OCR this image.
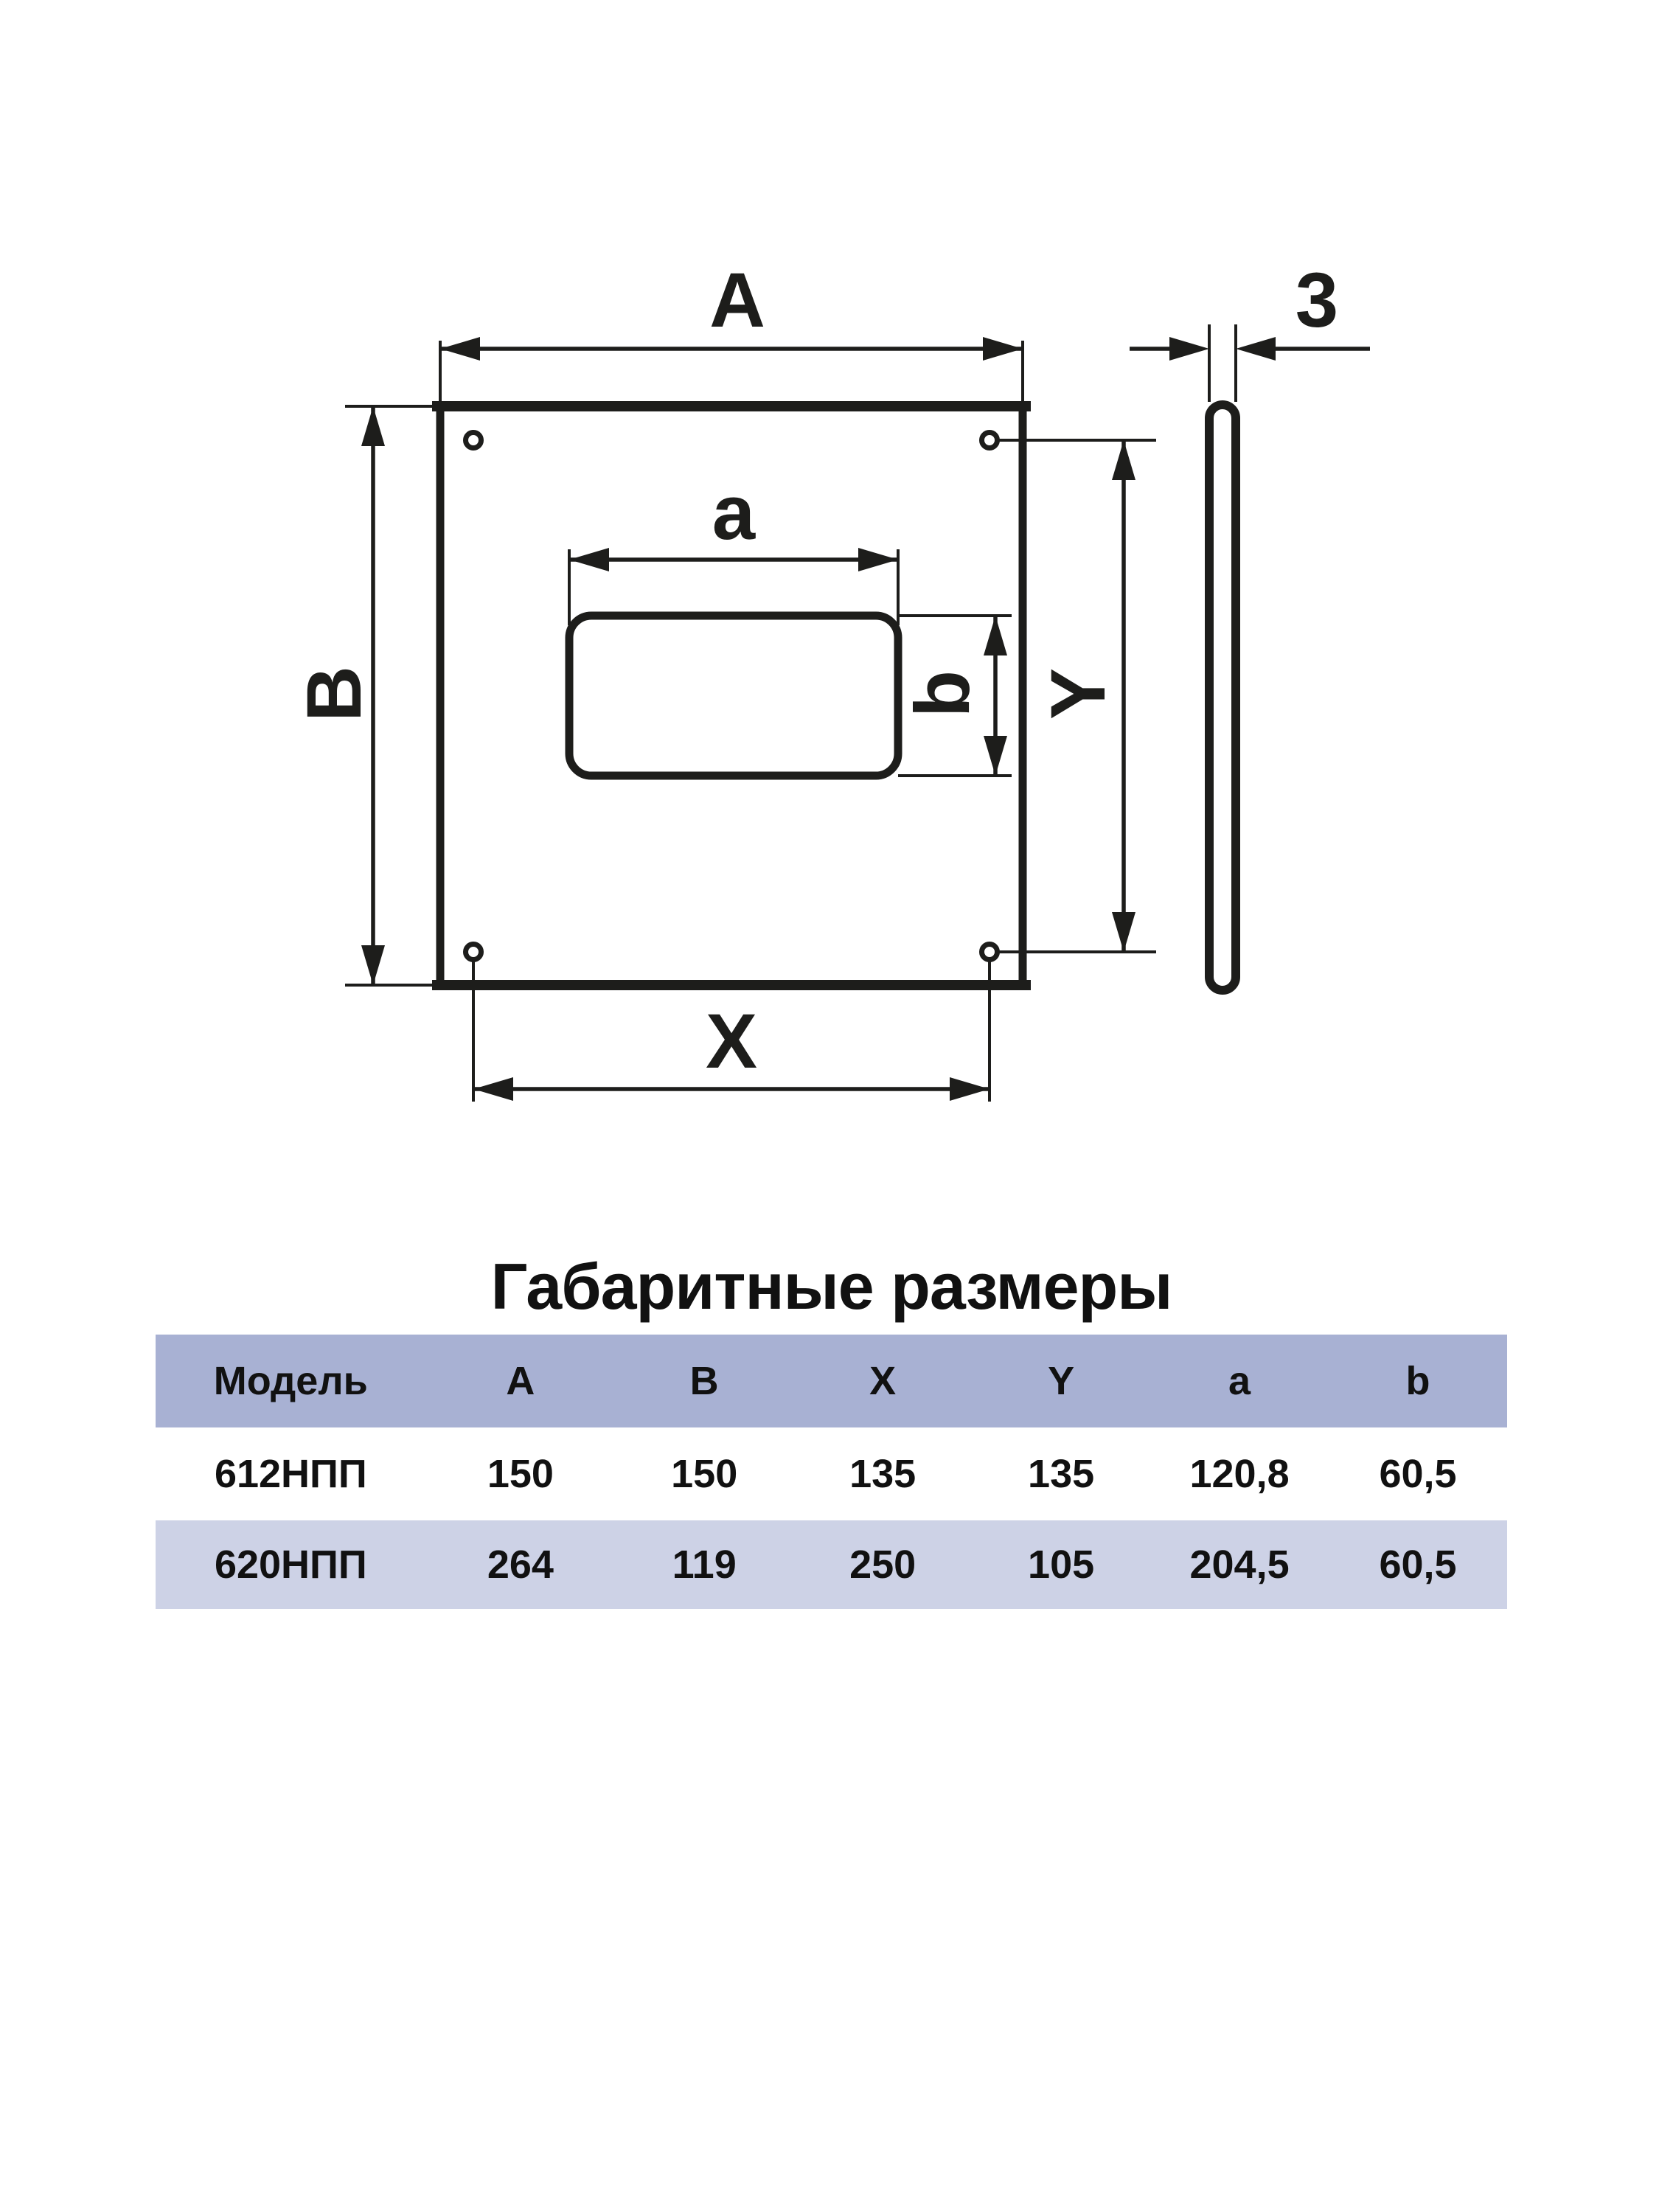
A	3
B	Y
X
a
b
Габаритные размеры
Модель	A	B	X	Y	a	b
612НПП	150	150	135	135	120,8	60,5
620НПП	264	119	250	105	204,5	60,5
